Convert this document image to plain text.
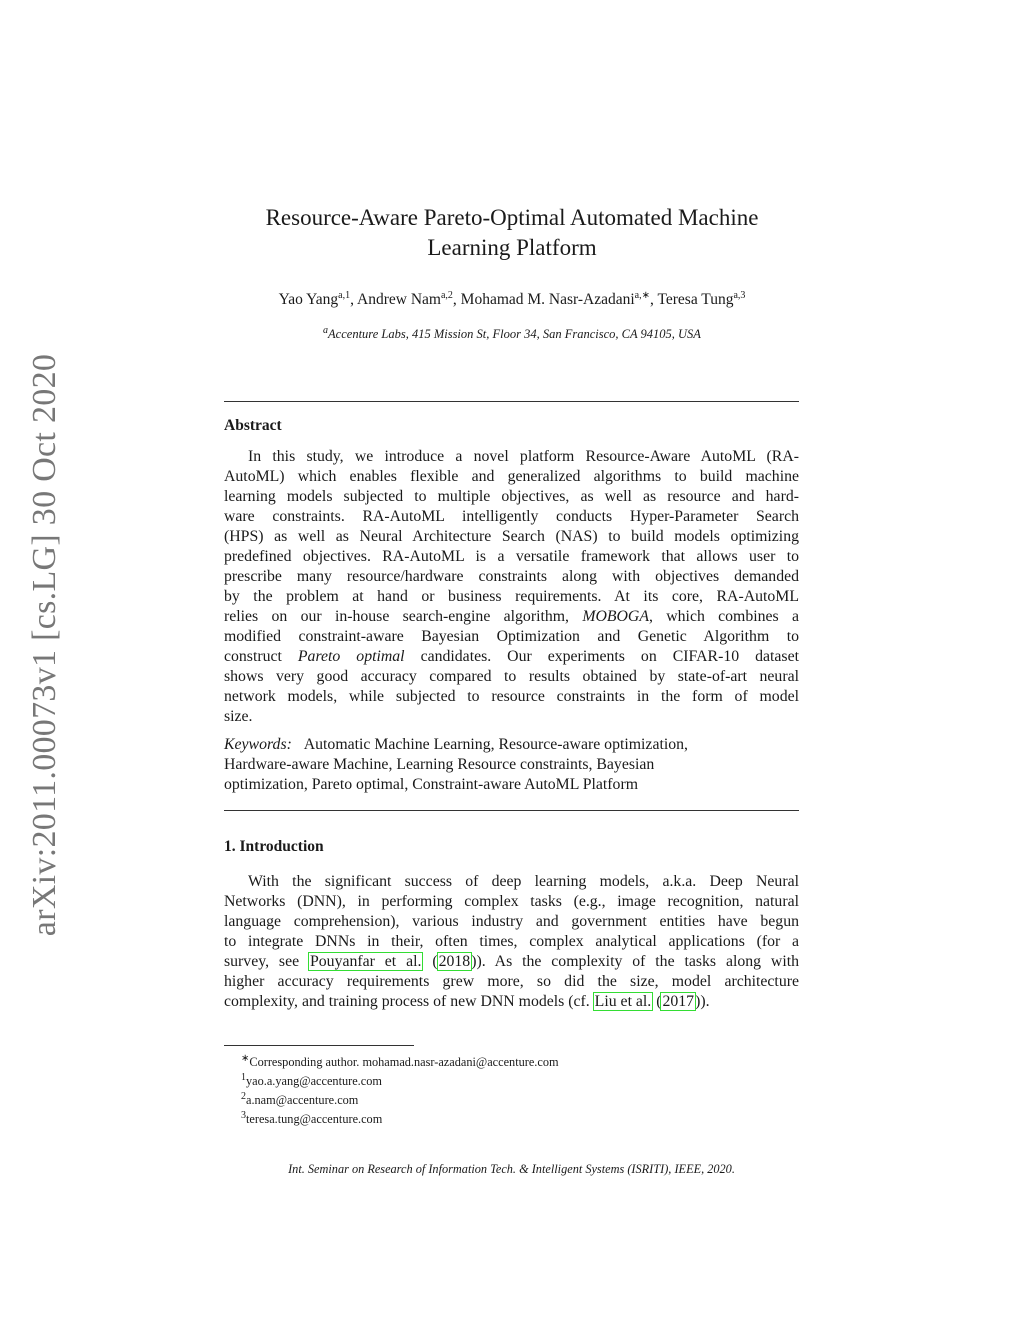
arXiv:2011.00073v1 [cs.LG] 30 Oct 2020
Resource-Aware Pareto-Optimal Automated Machine
Learning Platform
Yao Yang$^{a,1}$, Andrew Nam$^{a,2}$, Mohamad M. Nasr-Azadani$^{a,∗}$, Teresa Tung$^{a,3}$
$^a$Accenture Labs, 415 Mission St, Floor 34, San Francisco, CA 94105, USA
Abstract
In this study, we introduce a novel platform Resource-Aware AutoML (RA-
AutoML) which enables flexible and generalized algorithms to build machine
learning models subjected to multiple objectives, as well as resource and hard-
ware constraints. RA-AutoML intelligently conducts Hyper-Parameter Search
(HPS) as well as Neural Architecture Search (NAS) to build models optimizing
predefined objectives. RA-AutoML is a versatile framework that allows user to
prescribe many resource/hardware constraints along with objectives demanded
by the problem at hand or business requirements. At its core, RA-AutoML
relies on our in-house search-engine algorithm, MOBOGA, which combines a
modified constraint-aware Bayesian Optimization and Genetic Algorithm to
construct Pareto optimal candidates. Our experiments on CIFAR-10 dataset
shows very good accuracy compared to results obtained by state-of-art neural
network models, while subjected to resource constraints in the form of model
size.
Keywords: Automatic Machine Learning, Resource-aware optimization,
Hardware-aware Machine, Learning Resource constraints, Bayesian
optimization, Pareto optimal, Constraint-aware AutoML Platform
1. Introduction
With the significant success of deep learning models, a.k.a. Deep Neural
Networks (DNN), in performing complex tasks (e.g., image recognition, natural
language comprehension), various industry and government entities have begun
to integrate DNNs in their, often times, complex analytical applications (for a
survey, see Pouyanfar et al. (2018)). As the complexity of the tasks along with
higher accuracy requirements grew more, so did the size, model architecture
complexity, and training process of new DNN models (cf. Liu et al. (2017)).
∗Corresponding author. mohamad.nasr-azadani@accenture.com
$^1$yao.a.yang@accenture.com
$^2$a.nam@accenture.com
$^3$teresa.tung@accenture.com
Int. Seminar on Research of Information Tech. & Intelligent Systems (ISRITI), IEEE, 2020.
